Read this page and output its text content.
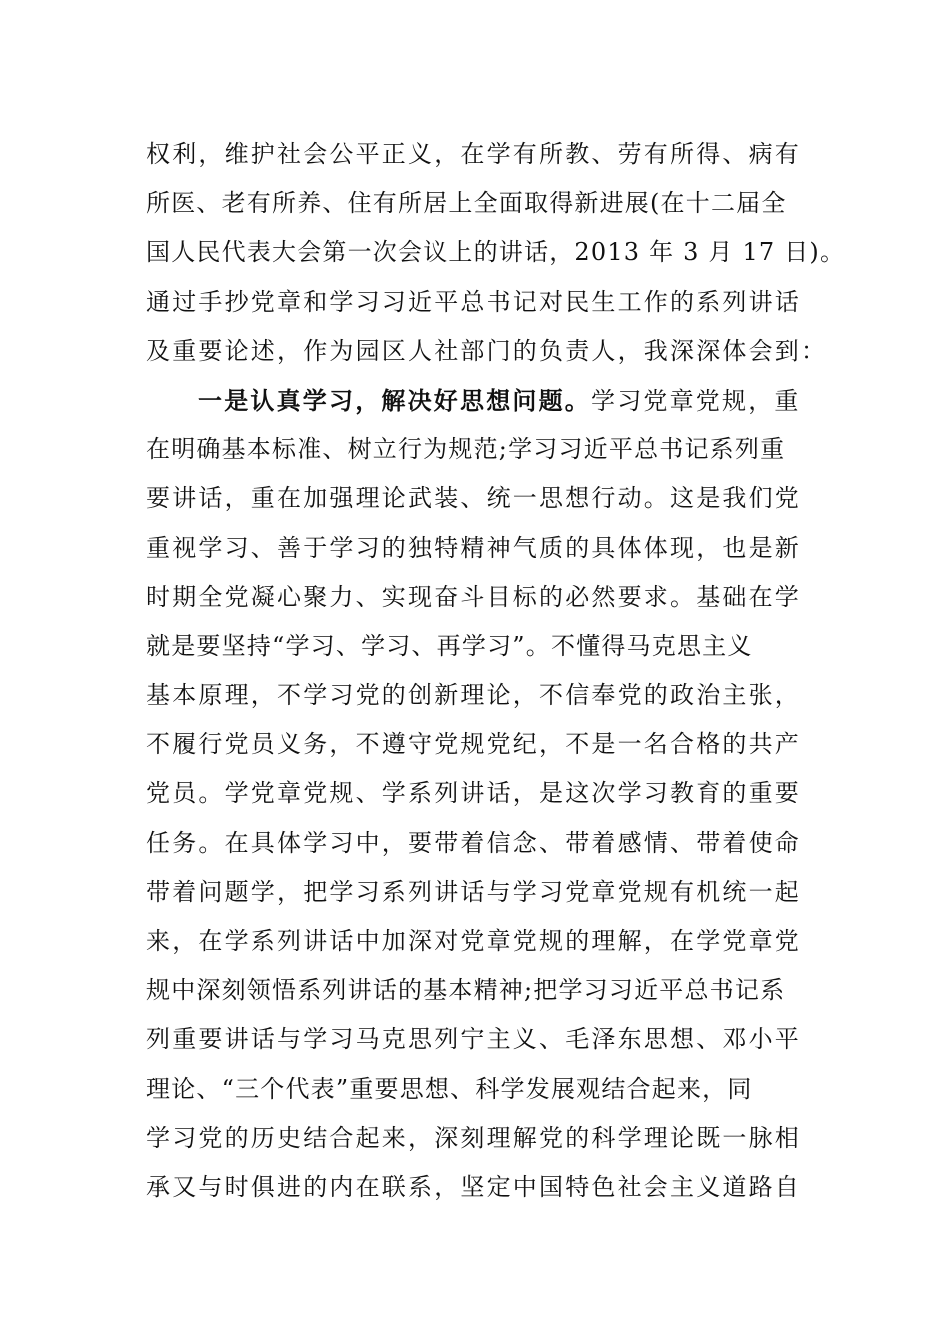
权利，维护社会公平正义，在学有所教、劳有所得、病有
所医、老有所养、住有所居上全面取得新进展(在十二届全
国人民代表大会第一次会议上的讲话，2013 年 3 月 17 日)。
通过手抄党章和学习习近平总书记对民生工作的系列讲话
及重要论述，作为园区人社部门的负责人，我深深体会到：
一是认真学习，解决好思想问题。学习党章党规，重
在明确基本标准、树立行为规范;学习习近平总书记系列重
要讲话，重在加强理论武装、统一思想行动。这是我们党
重视学习、善于学习的独特精神气质的具体体现，也是新
时期全党凝心聚力、实现奋斗目标的必然要求。基础在学
就是要坚持“学习、学习、再学习”。不懂得马克思主义
基本原理，不学习党的创新理论，不信奉党的政治主张，
不履行党员义务，不遵守党规党纪，不是一名合格的共产
党员。学党章党规、学系列讲话，是这次学习教育的重要
任务。在具体学习中，要带着信念、带着感情、带着使命
带着问题学，把学习系列讲话与学习党章党规有机统一起
来，在学系列讲话中加深对党章党规的理解，在学党章党
规中深刻领悟系列讲话的基本精神;把学习习近平总书记系
列重要讲话与学习马克思列宁主义、毛泽东思想、邓小平
理论、“三个代表”重要思想、科学发展观结合起来，同
学习党的历史结合起来，深刻理解党的科学理论既一脉相
承又与时俱进的内在联系，坚定中国特色社会主义道路自
